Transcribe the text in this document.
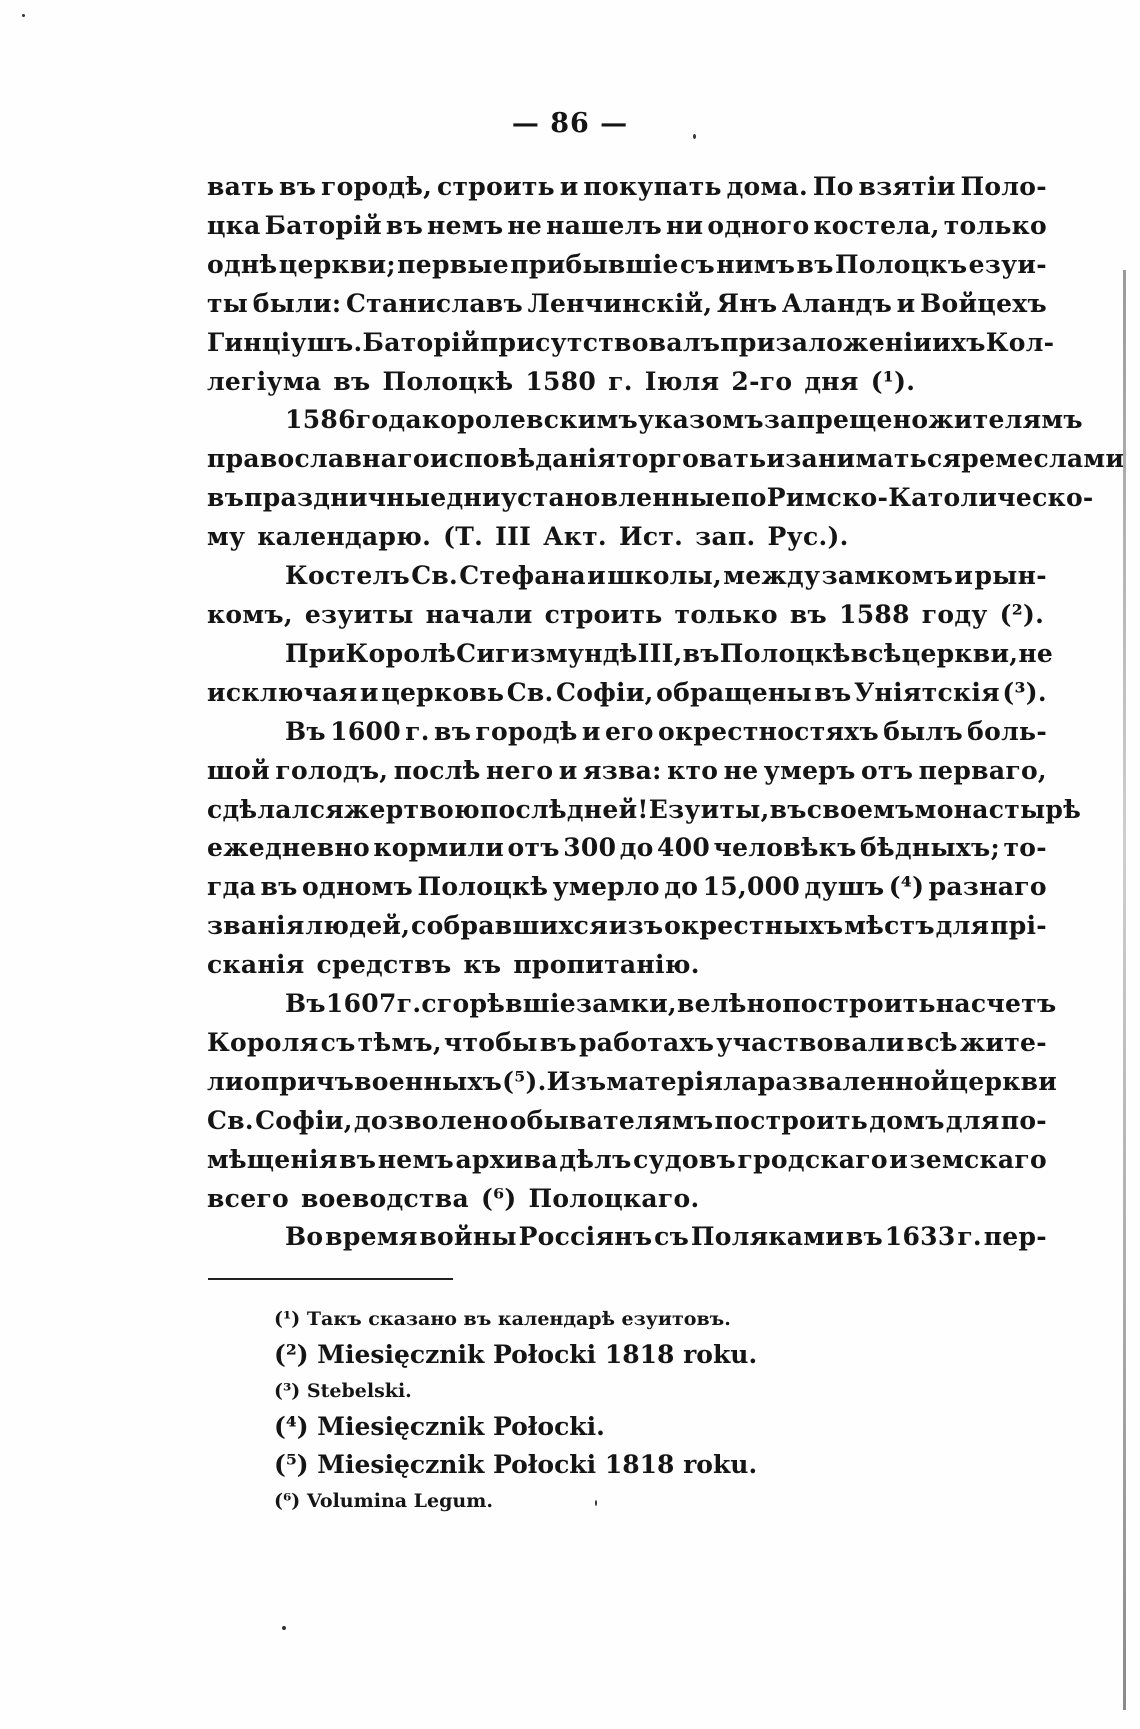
— 86 —
вать въ городѣ, строить и покупать дома. По взятіи Поло-
цка Баторій въ немъ не нашелъ ни одного костела, только
однѣ церкви; первые прибывшіе съ нимъ въ Полоцкъ езуи-
ты были: Станиславъ Ленчинскій, Янъ Аландъ и Войцехъ
Гинціушъ. Баторій присутствовалъ при заложеніи ихъ Кол-
легіума въ Полоцкѣ 1580 г. Іюля 2-го дня (¹).
1586 года королевскимъ указомъ запрещено жителямъ
православнаго исповѣданія торговать и заниматься ремеслами
въ праздничные дни установленные по Римско-Католическо-
му календарю. (Т. III Акт. Ист. зап. Рус.).
Костелъ Св. Стефана и школы, между замкомъ и рын-
комъ, езуиты начали строить только въ 1588 году (²).
При Королѣ Сигизмундѣ III, въ Полоцкѣ всѣ церкви, не
исключая и церковь Св. Софіи, обращены въ Уніятскія (³).
Въ 1600 г. въ городѣ и его окрестностяхъ былъ боль-
шой голодъ, послѣ него и язва: кто не умеръ отъ перваго,
сдѣлался жертвою послѣдней! Езуиты, въ своемъ монастырѣ
ежедневно кормили отъ 300 до 400 человѣкъ бѣдныхъ; то-
гда въ одномъ Полоцкѣ умерло до 15,000 душъ (⁴) разнаго
званія людей, собравшихся изъ окрестныхъ мѣстъ для прі-
сканія средствъ къ пропитанію.
Въ 1607 г. сгорѣвшіе замки, велѣно построить на счетъ
Короля съ тѣмъ, чтобы въ работахъ участвовали всѣ жите-
ли опричъ военныхъ (⁵). Изъ матеріяла разваленной церкви
Св. Софіи, дозволено обывателямъ построить домъ для по-
мѣщенія въ немъ архива дѣлъ судовъ гродскаго и земскаго
всего воеводства (⁶) Полоцкаго.
Во время войны Россіянъ съ Поляками въ 1633 г. пер-
(¹) Такъ сказано въ календарѣ езуитовъ.
(²) Miesięcznik Połocki 1818 roku.
(³) Stebelski.
(⁴) Miesięcznik Połocki.
(⁵) Miesięcznik Połocki 1818 roku.
(⁶) Volumina Legum.
